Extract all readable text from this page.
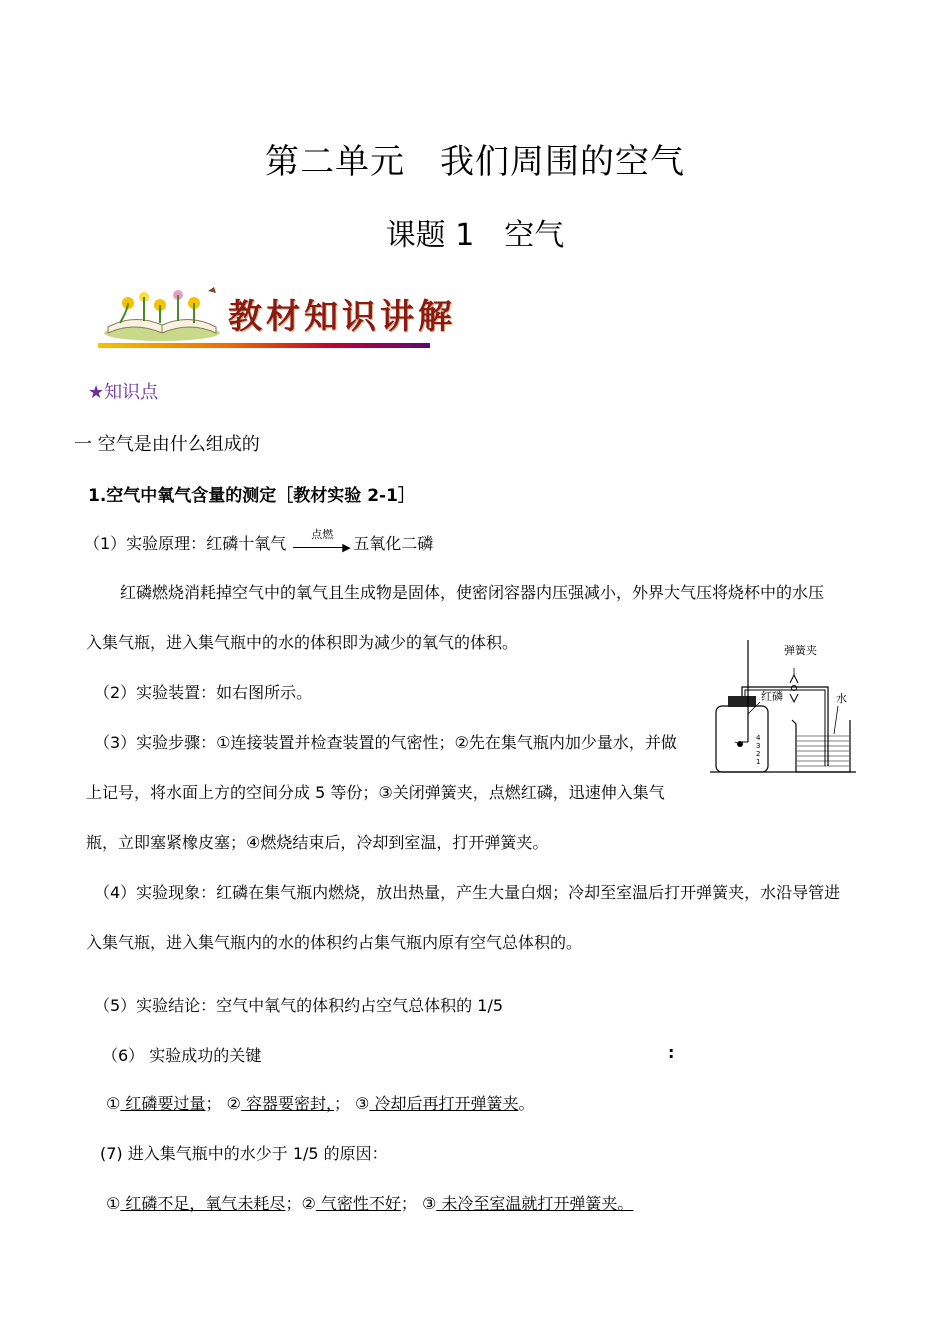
第二单元　我们周围的空气
课题 1　空气
教材知识讲解
★知识点
一 空气是由什么组成的
1.空气中氧气含量的测定［教材实验 2-1］
（1）实验原理：红磷十氧气	点燃
▶ 五氧化二磷
红磷燃烧消耗掉空气中的氧气且生成物是固体，使密闭容器内压强减小，外界大气压将烧杯中的水压
入集气瓶，进入集气瓶中的水的体积即为减少的氧气的体积。
（2）实验装置：如右图所示。
（3）实验步骤：①连接装置并检查装置的气密性；②先在集气瓶内加少量水，并做
上记号，将水面上方的空间分成 5 等份；③关闭弹簧夹，点燃红磷，迅速伸入集气
瓶，立即塞紧橡皮塞；④燃烧结束后，冷却到室温，打开弹簧夹。
（4）实验现象：红磷在集气瓶内燃烧，放出热量，产生大量白烟；冷却至室温后打开弹簧夹，水沿导管进
入集气瓶，进入集气瓶内的水的体积约占集气瓶内原有空气总体积的。
（5）实验结论：空气中氧气的体积约占空气总体积的 1/5
（6） 实验成功的关键	:
① 红磷要过量； ② 容器要密封，； ③ 冷却后再打开弹簧夹。
(7) 进入集气瓶中的水少于 1/5 的原因：
① 红磷不足，氧气未耗尽；② 气密性不好； ③ 未冷至室温就打开弹簧夹。
4
3
2
1
弹簧夹
红磷	水
